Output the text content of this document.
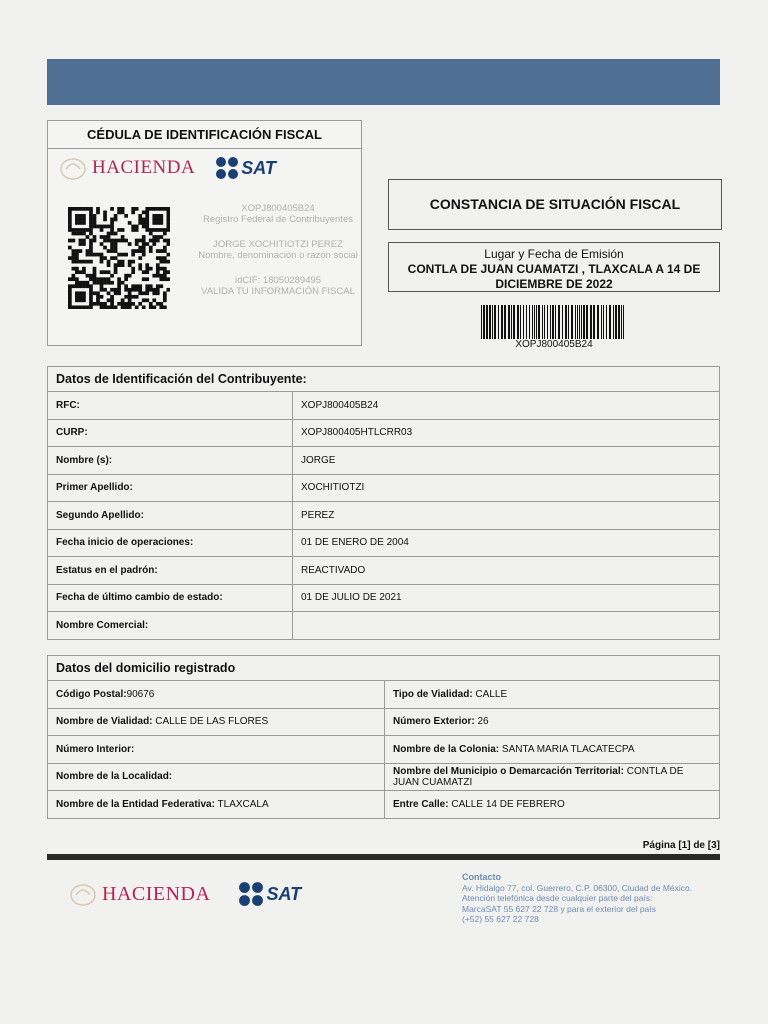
CÉDULA DE IDENTIFICACIÓN FISCAL
HACIENDA	SAT
XOPJ800405B24
Registro Federal de Contribuyentes
JORGE XOCHITIOTZI PEREZ
Nombre, denominación o razón social
idCIF: 18050289495
VALIDA TU INFORMACIÓN FISCAL
CONSTANCIA DE SITUACIÓN FISCAL
Lugar y Fecha de Emisión
CONTLA DE JUAN CUAMATZI , TLAXCALA A 14 DE DICIEMBRE DE 2022
XOPJ800405B24
Datos de Identificación del Contribuyente:	
RFC:	XOPJ800405B24
CURP:	XOPJ800405HTLCRR03
Nombre (s):	JORGE
Primer Apellido:	XOCHITIOTZI
Segundo Apellido:	PEREZ
Fecha inicio de operaciones:	01 DE ENERO DE 2004
Estatus en el padrón:	REACTIVADO
Fecha de último cambio de estado:	01 DE JULIO DE 2021
Nombre Comercial:	
Datos del domicilio registrado	
Código Postal:90676	Tipo de Vialidad: CALLE
Nombre de Vialidad: CALLE DE LAS FLORES	Número Exterior: 26
Número Interior:	Nombre de la Colonia: SANTA MARIA TLACATECPA
Nombre de la Localidad:	Nombre del Municipio o Demarcación Territorial: CONTLA DE JUAN CUAMATZI
Nombre de la Entidad Federativa: TLAXCALA	Entre Calle: CALLE 14 DE FEBRERO
Página [1] de [3]
HACIENDA	SAT
Contacto
Av. Hidalgo 77, col. Guerrero, C.P. 06300, Ciudad de México.
Atención telefónica desde cualquier parte del país:
MarcaSAT 55 627 22 728 y para el exterior del país
(+52) 55 627 22 728
